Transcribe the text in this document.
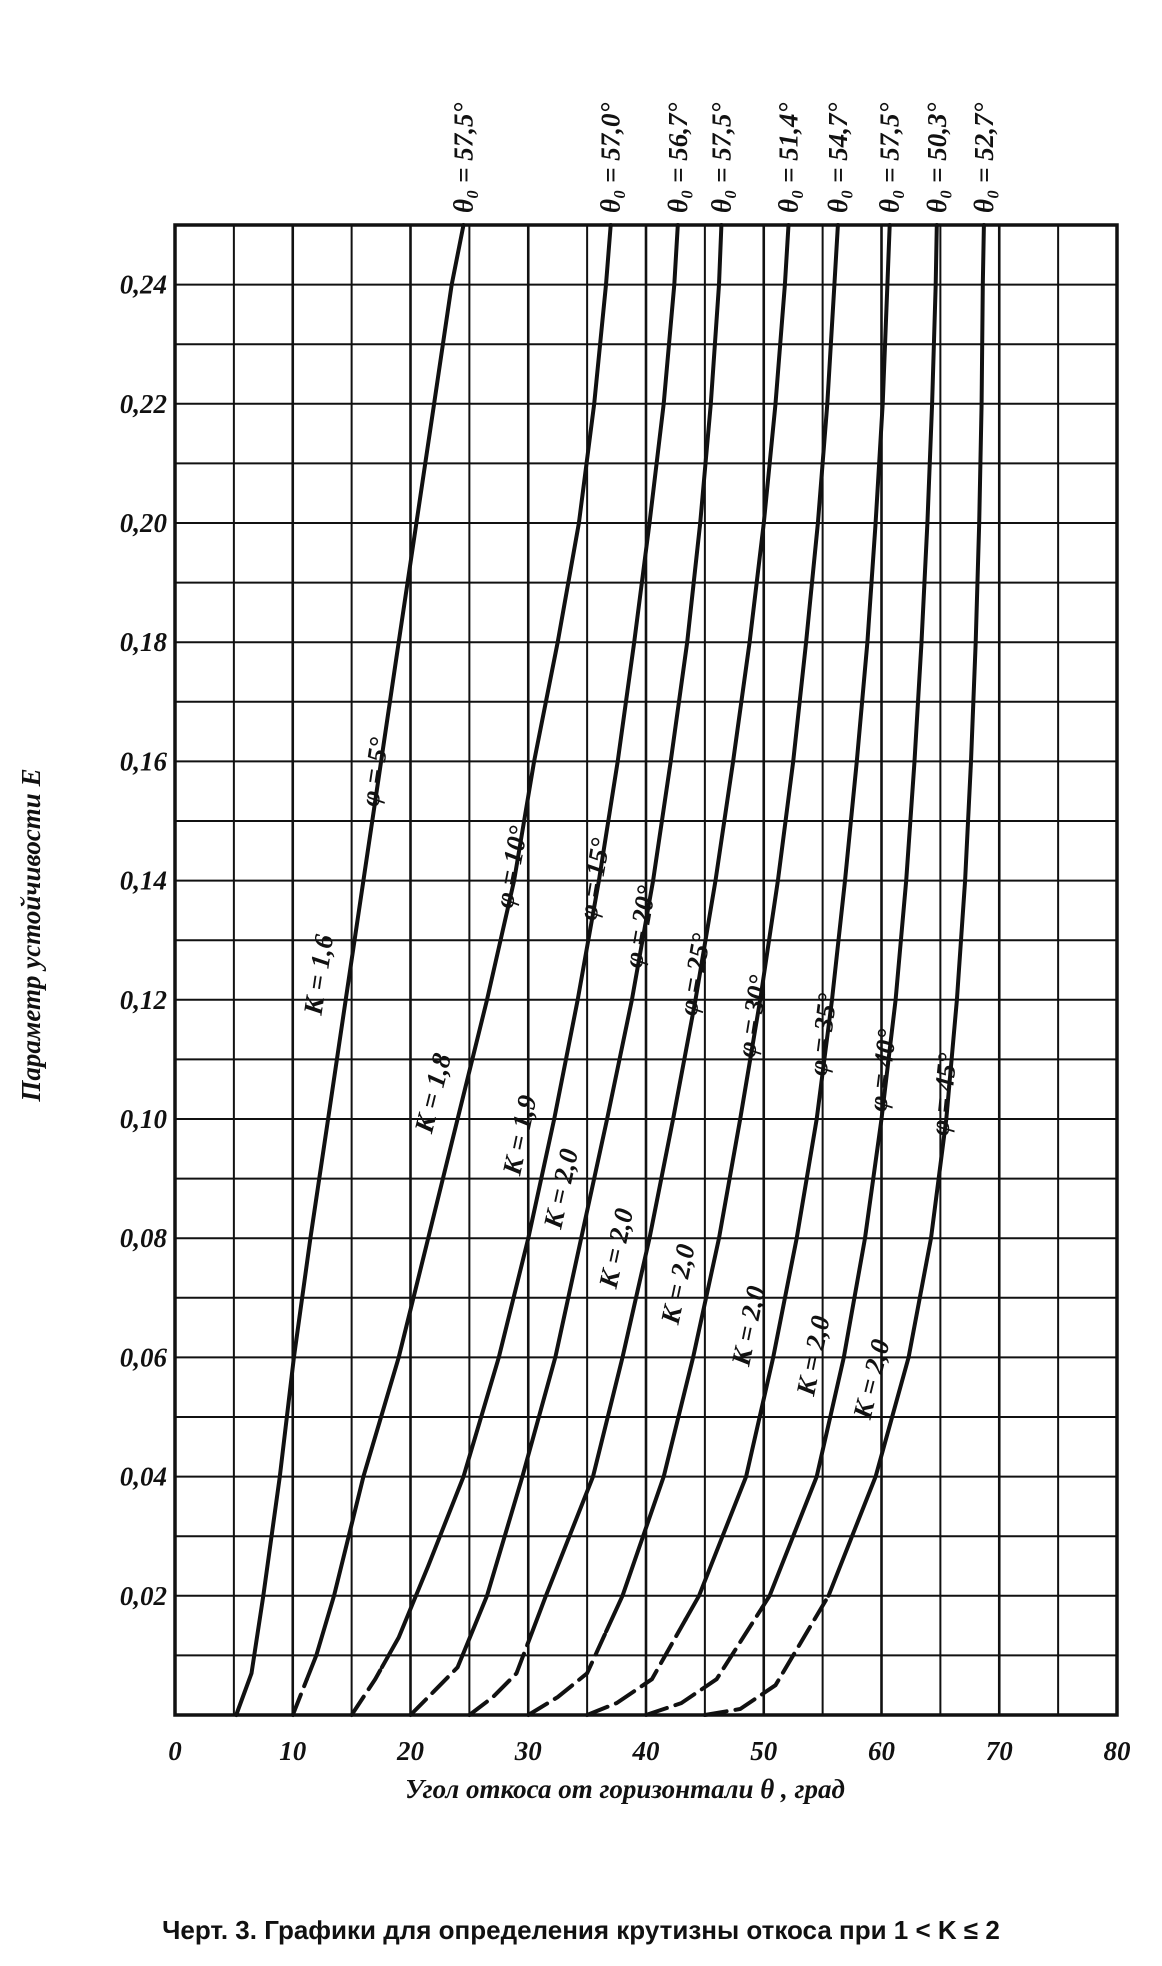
0	10	20	30	40	50	60	70	80
0,02
0,04
0,06
0,08
0,10
0,12
0,14
0,16
0,18
0,20
0,22
0,24
θ₀ = 57,5°
φ = 5°
K = 1,6
θ₀ = 57,0°
φ = 10°
K = 1,8
θ₀ = 56,7°
φ = 15°
K = 1,9
θ₀ = 57,5°
φ = 20°
K = 2,0
θ₀ = 51,4°
φ = 25°
K = 2,0
θ₀ = 54,7°
φ = 30°
K = 2,0
θ₀ = 57,5°
φ = 35°
K = 2,0
θ₀ = 50,3°
φ = 40°
K = 2,0
θ₀ = 52,7°
φ = 45°
K = 2,0
Угол откоса от горизонтали θ , град
Параметр устойчивости E
Черт. 3. Графики для определения крутизны откоса при 1 < K ≤ 2
